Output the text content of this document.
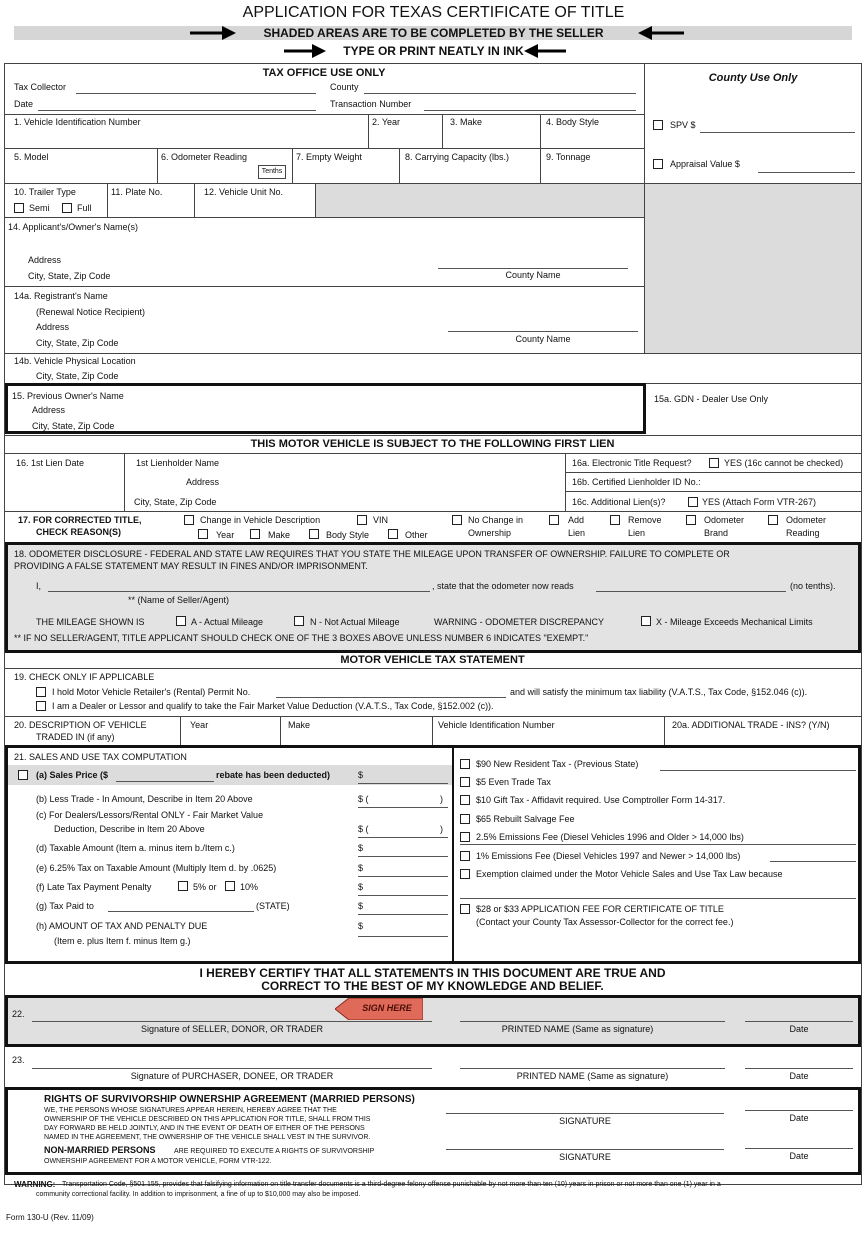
APPLICATION FOR TEXAS CERTIFICATE OF TITLE
SHADED AREAS ARE TO BE COMPLETED BY THE SELLER
TYPE OR PRINT NEATLY IN INK
TAX OFFICE USE ONLY
Tax Collector	County
Date	Transaction Number
County Use Only
SPV $
Appraisal Value $
1. Vehicle Identification Number	2. Year	3. Make	4. Body Style
5. Model	6. Odometer Reading
Tenths
7. Empty Weight	8. Carrying Capacity (lbs.)	9. Tonnage
10. Trailer Type
Semi	Full
11. Plate No.	12. Vehicle Unit No.
14. Applicant's/Owner's Name(s)
Address
City, State, Zip Code	County Name
14a. Registrant's Name
(Renewal Notice Recipient)
Address
City, State, Zip Code	County Name
14b. Vehicle Physical Location
City, State, Zip Code
15. Previous Owner's Name
Address
City, State, Zip Code
15a. GDN - Dealer Use Only
THIS MOTOR VEHICLE IS SUBJECT TO THE FOLLOWING FIRST LIEN
16. 1st Lien Date	1st Lienholder Name
Address
City, State, Zip Code
16a. Electronic Title Request?	YES (16c cannot be checked)
16b. Certified Lienholder ID No.:
16c. Additional Lien(s)?	YES (Attach Form VTR-267)
17. FOR CORRECTED TITLE,
CHECK REASON(S)
Change in Vehicle Description	VIN
Year	Make	Body Style	Other
No Change in
Ownership
Add
Lien
Remove
Lien
Odometer
Brand
Odometer
Reading
18. ODOMETER DISCLOSURE - FEDERAL AND STATE LAW REQUIRES THAT YOU STATE THE MILEAGE UPON TRANSFER OF OWNERSHIP. FAILURE TO COMPLETE OR
PROVIDING A FALSE STATEMENT MAY RESULT IN FINES AND/OR IMPRISONMENT.
I,	, state that the odometer now reads	(no tenths).
** (Name of Seller/Agent)
THE MILEAGE SHOWN IS	A - Actual Mileage	N - Not Actual Mileage	WARNING - ODOMETER DISCREPANCY	X - Mileage Exceeds Mechanical Limits
** IF NO SELLER/AGENT, TITLE APPLICANT SHOULD CHECK ONE OF THE 3 BOXES ABOVE UNLESS NUMBER 6 INDICATES "EXEMPT."
MOTOR VEHICLE TAX STATEMENT
19. CHECK ONLY IF APPLICABLE
I hold Motor Vehicle Retailer's (Rental) Permit No.	and will satisfy the minimum tax liability (V.A.T.S., Tax Code, §152.046 (c)).
I am a Dealer or Lessor and qualify to take the Fair Market Value Deduction (V.A.T.S., Tax Code, §152.002 (c)).
20. DESCRIPTION OF VEHICLE
TRADED IN (if any)
Year	Make	Vehicle Identification Number	20a. ADDITIONAL TRADE - INS? (Y/N)
21. SALES AND USE TAX COMPUTATION
(a) Sales Price ($	rebate has been deducted)	$
(b) Less Trade - In Amount, Describe in Item 20 Above	$ (	)
(c) For Dealers/Lessors/Rental ONLY - Fair Market Value
Deduction, Describe in Item 20 Above	$ (	)
(d) Taxable Amount (Item a. minus item b./Item c.)	$
(e) 6.25% Tax on Taxable Amount (Multiply Item d. by .0625)	$
(f) Late Tax Payment Penalty	5% or	10%	$
(g) Tax Paid to	(STATE)	$
(h) AMOUNT OF TAX AND PENALTY DUE
(Item e. plus Item f. minus Item g.)
$
$90 New Resident Tax - (Previous State)
$5 Even Trade Tax
$10 Gift Tax - Affidavit required. Use Comptroller Form 14-317.
$65 Rebuilt Salvage Fee
2.5% Emissions Fee (Diesel Vehicles 1996 and Older > 14,000 lbs)
1% Emissions Fee (Diesel Vehicles 1997 and Newer > 14,000 lbs)
Exemption claimed under the Motor Vehicle Sales and Use Tax Law because
$28 or $33 APPLICATION FEE FOR CERTIFICATE OF TITLE
(Contact your County Tax Assessor-Collector for the correct fee.)
I HEREBY CERTIFY THAT ALL STATEMENTS IN THIS DOCUMENT ARE TRUE AND
CORRECT TO THE BEST OF MY KNOWLEDGE AND BELIEF.
22.
SIGN HERE
Signature of SELLER, DONOR, OR TRADER	PRINTED NAME (Same as signature)	Date
23.
Signature of PURCHASER, DONEE, OR TRADER	PRINTED NAME (Same as signature)	Date
RIGHTS OF SURVIVORSHIP OWNERSHIP AGREEMENT (MARRIED PERSONS)
WE, THE PERSONS WHOSE SIGNATURES APPEAR HEREIN, HEREBY AGREE THAT THE
OWNERSHIP OF THE VEHICLE DESCRIBED ON THIS APPLICATION FOR TITLE, SHALL FROM THIS
DAY FORWARD BE HELD JOINTLY, AND IN THE EVENT OF DEATH OF EITHER OF THE PERSONS
NAMED IN THE AGREEMENT, THE OWNERSHIP OF THE VEHICLE SHALL VEST IN THE SURVIVOR.
NON-MARRIED PERSONS	ARE REQUIRED TO EXECUTE A RIGHTS OF SURVIVORSHIP
OWNERSHIP AGREEMENT FOR A MOTOR VEHICLE, FORM VTR-122.
SIGNATURE	Date
SIGNATURE	Date
WARNING: Transportation Code, §501.155, provides that falsifying information on title transfer documents is a third-degree felony offense punishable by not more than ten (10) years in prison or not more than one (1) year in a
community correctional facility. In addition to imprisonment, a fine of up to $10,000 may also be imposed.
Form 130-U (Rev. 11/09)
